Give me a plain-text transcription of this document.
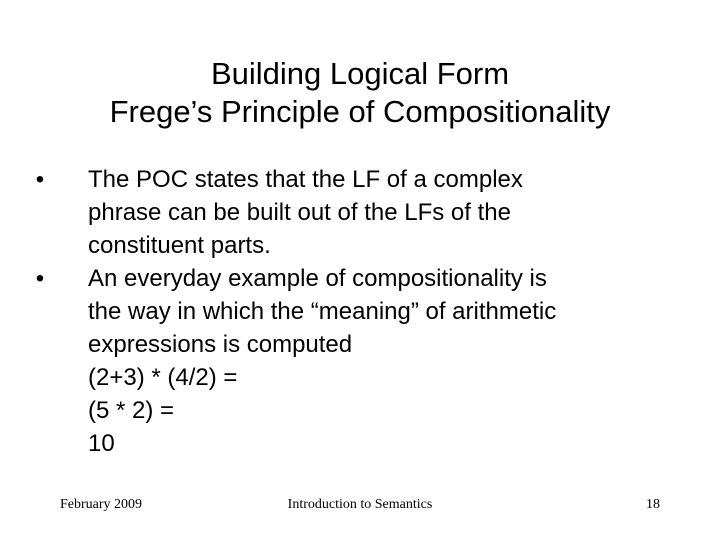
Building Logical Form
Frege’s Principle of Compositionality
• The POC states that the LF of a complex
phrase can be built out of the LFs of the
constituent parts.
• An everyday example of compositionality is
the way in which the “meaning” of arithmetic
expressions is computed
(2+3) * (4/2) =
(5 * 2) =
10
February 2009	Introduction to Semantics	18
